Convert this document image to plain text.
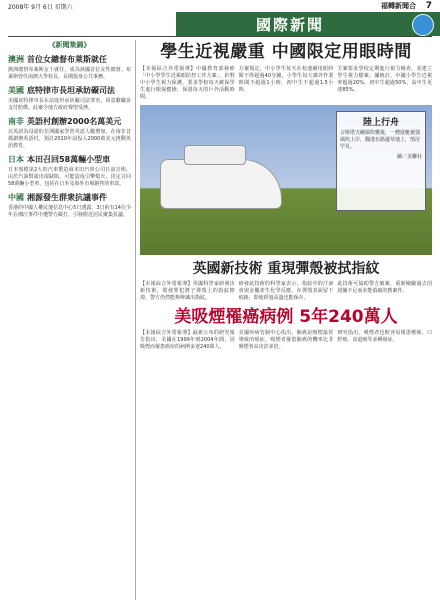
2008年 9月 6日 星期六	福轉新聞合 7
國際新聞
《新聞集錦》
澳洲 首位女總督布萊斯就任

澳洲總督布萊斯女士就任，成為該國首位女性總督。布萊斯曾任南澳大學校長，長期投身公共事務。

美國 底特律市長坦承妨礙司法

美國底特律市長在法庭坦承妨礙司法罪名，同意辭職並支付賠償。此案令地方政府聲望受挫。

南非 英語村創辦2000名萬美元

以英語為母語的非洲國家學習英語人數增加，在南非首都創辦英語村，預計2010年前投入2000萬美元推動英語教育。

日本 本田召回58萬輛小型車

日本規模第2大的汽車製造商本田汽車公司日前宣佈，由於汽油幫浦出現缺陷，可能造成引擎熄火，決定召回58萬輛小型車，包括在日本及海外市場銷售的車款。

中國 湘源發生群衆抗議事件

香港的中國人權民運信息中心5日透露，3日約有14位少年在湘江事件中遭警方毆打，引發附近居民聚集抗議。

學生近視嚴重 中國限定用眼時間
【本報綜合外電報導】中國教育部發佈「中小學學生近視眼防控工作方案」，針對中小學生視力保護，要求學校每天確保學生進行眼保健操，保證每天的戶外活動時間。
方案規定，中小學生每天在校連續用眼時間不得超過40分鐘，小學生每天課外作業時間不超過1小時，初中生不超過1.5小時。
方案要求學校定期進行視力檢查，並建立學生視力檔案。據統計，中國小學生近視率超過20%，初中生超過50%，高中生更達85%。
陸上行舟
古斯塔夫颶風吹襲後，一艘遊艇被強風吹上岸，擱淺在路邊草地上，情況罕見。
圖／美聯社
英國新技術 重現彈殼被拭指紋
【本報綜合外電報導】英國科學家研發出新技術，即使罪犯將子彈殼上的指紋擦掉，警方仍然能夠辨識出指紋。
研發此技術的科學家表示，指紋中的汗液會與金屬產生化學反應，在彈殼表面留下痕跡，即使經過高溫也能保存。
此技術可協助警方破案，重新檢驗過去因證據不足而未能偵破的舊案件。
美吸煙罹癌病例 5年240萬人
【本報綜合外電報導】最新公布的研究報告指出，美國在1999年到2004年間，因吸煙而罹患癌症的病例多達240萬人。
美國疾病管制中心指出，肺癌是吸煙最常導致的癌症，吸煙者罹患肺癌的機率比非吸煙者高出許多倍。
研究指出，吸煙者也較容易罹患喉癌、口腔癌、食道癌等多種癌症。
